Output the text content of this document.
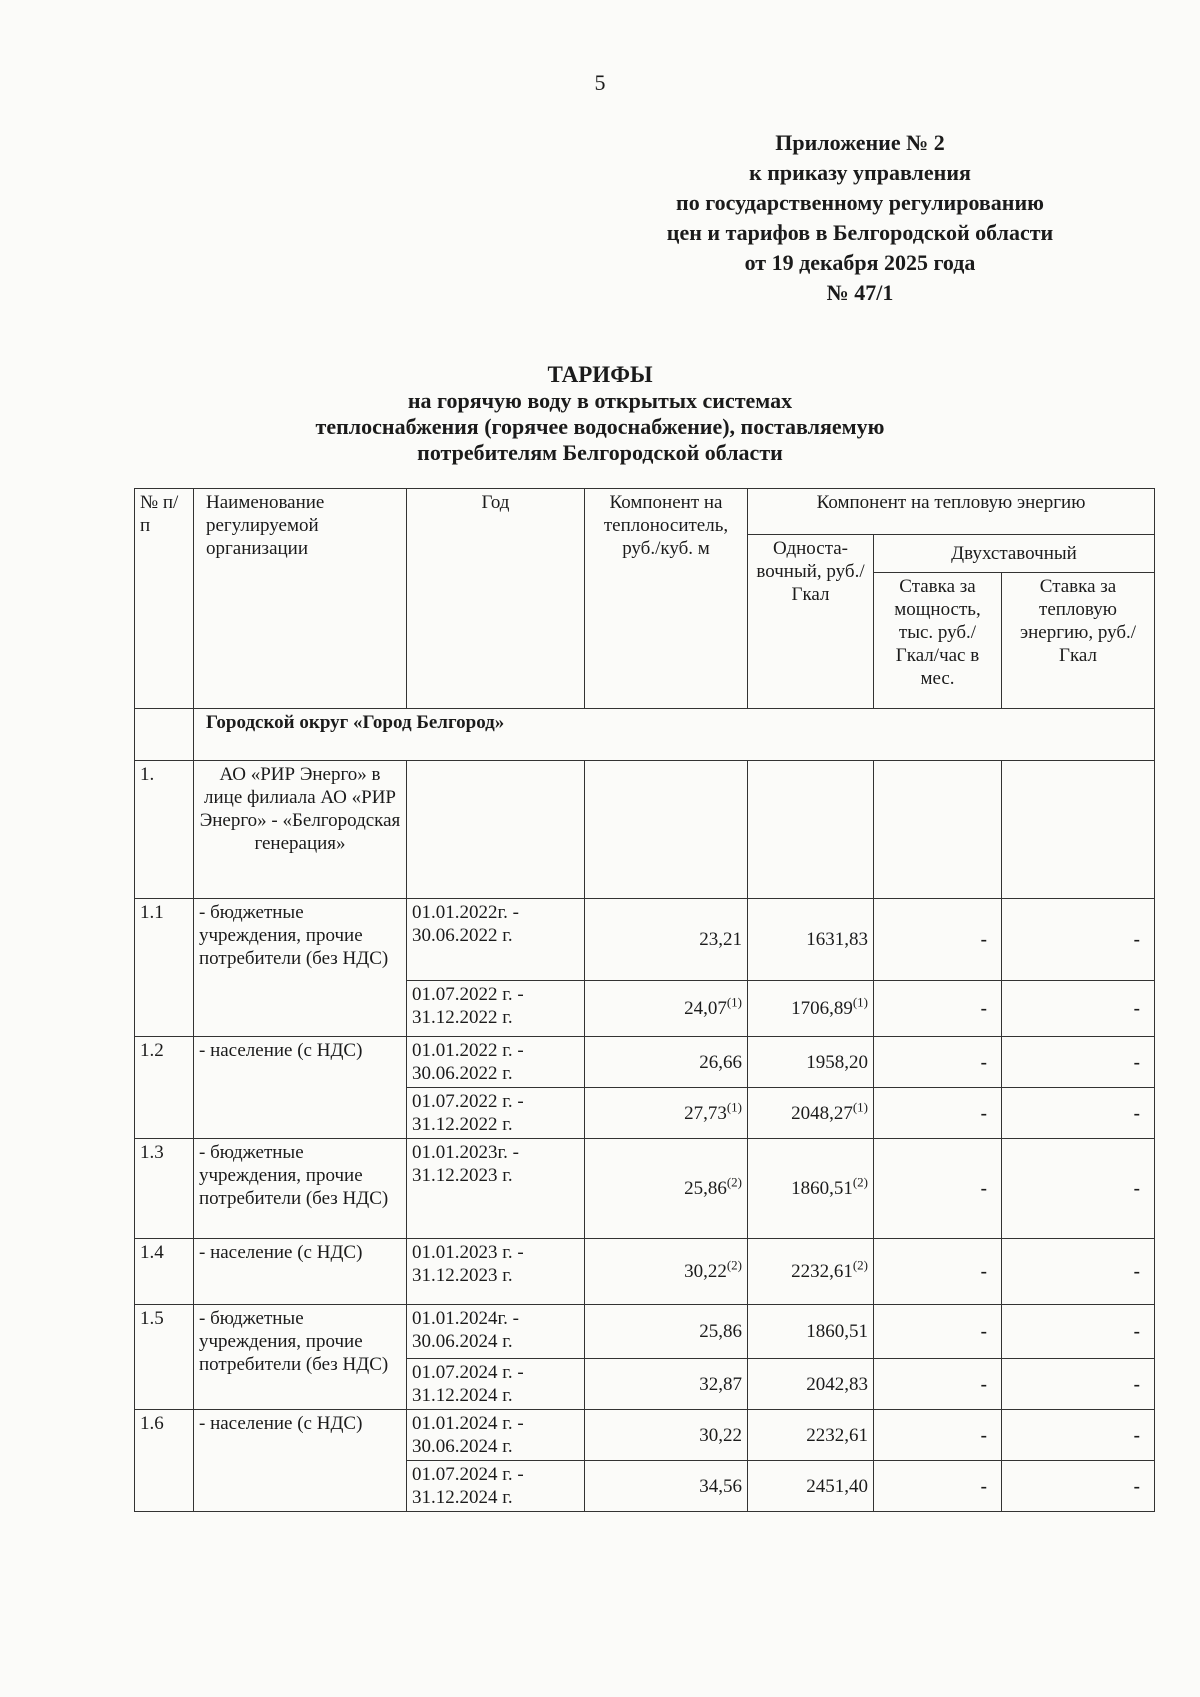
5
Приложение № 2
к приказу управления
по государственному регулированию
цен и тарифов в Белгородской области
от 19 декабря 2025 года
№ 47/1
ТАРИФЫ
на горячую воду в открытых системах
теплоснабжения (горячее водоснабжение), поставляемую
потребителям Белгородской области
№ п/п	Наименование регулируемой организации	Год	Компонент на теплоноситель, руб./куб. м	Компонент на тепловую энергию		
				Односта-вочный, руб./Гкал	Двухставочный	
					Ставка за мощность, тыс. руб./ Гкал/час в мес.	Ставка за тепловую энергию, руб./Гкал
	Городской округ «Город Белгород»					
1.	АО «РИР Энерго» в лице филиала АО «РИР Энерго» - «Белгородская генерация»					
1.1	- бюджетные учреждения, прочие потребители (без НДС)	01.01.2022г. - 30.06.2022 г.	23,21	1631,83	-	-
		01.07.2022 г. - 31.12.2022 г.	24,07$^{(1)}$	1706,89$^{(1)}$	-	-
1.2	- население (с НДС)	01.01.2022 г. - 30.06.2022 г.	26,66	1958,20	-	-
		01.07.2022 г. - 31.12.2022 г.	27,73$^{(1)}$	2048,27$^{(1)}$	-	-
1.3	- бюджетные учреждения, прочие потребители (без НДС)	01.01.2023г. - 31.12.2023 г.	25,86$^{(2)}$	1860,51$^{(2)}$	-	-
1.4	- население (с НДС)	01.01.2023 г. - 31.12.2023 г.	30,22$^{(2)}$	2232,61$^{(2)}$	-	-
1.5	- бюджетные учреждения, прочие потребители (без НДС)	01.01.2024г. - 30.06.2024 г.	25,86	1860,51	-	-
		01.07.2024 г. - 31.12.2024 г.	32,87	2042,83	-	-
1.6	- население (с НДС)	01.01.2024 г. - 30.06.2024 г.	30,22	2232,61	-	-
		01.07.2024 г. - 31.12.2024 г.	34,56	2451,40	-	-
